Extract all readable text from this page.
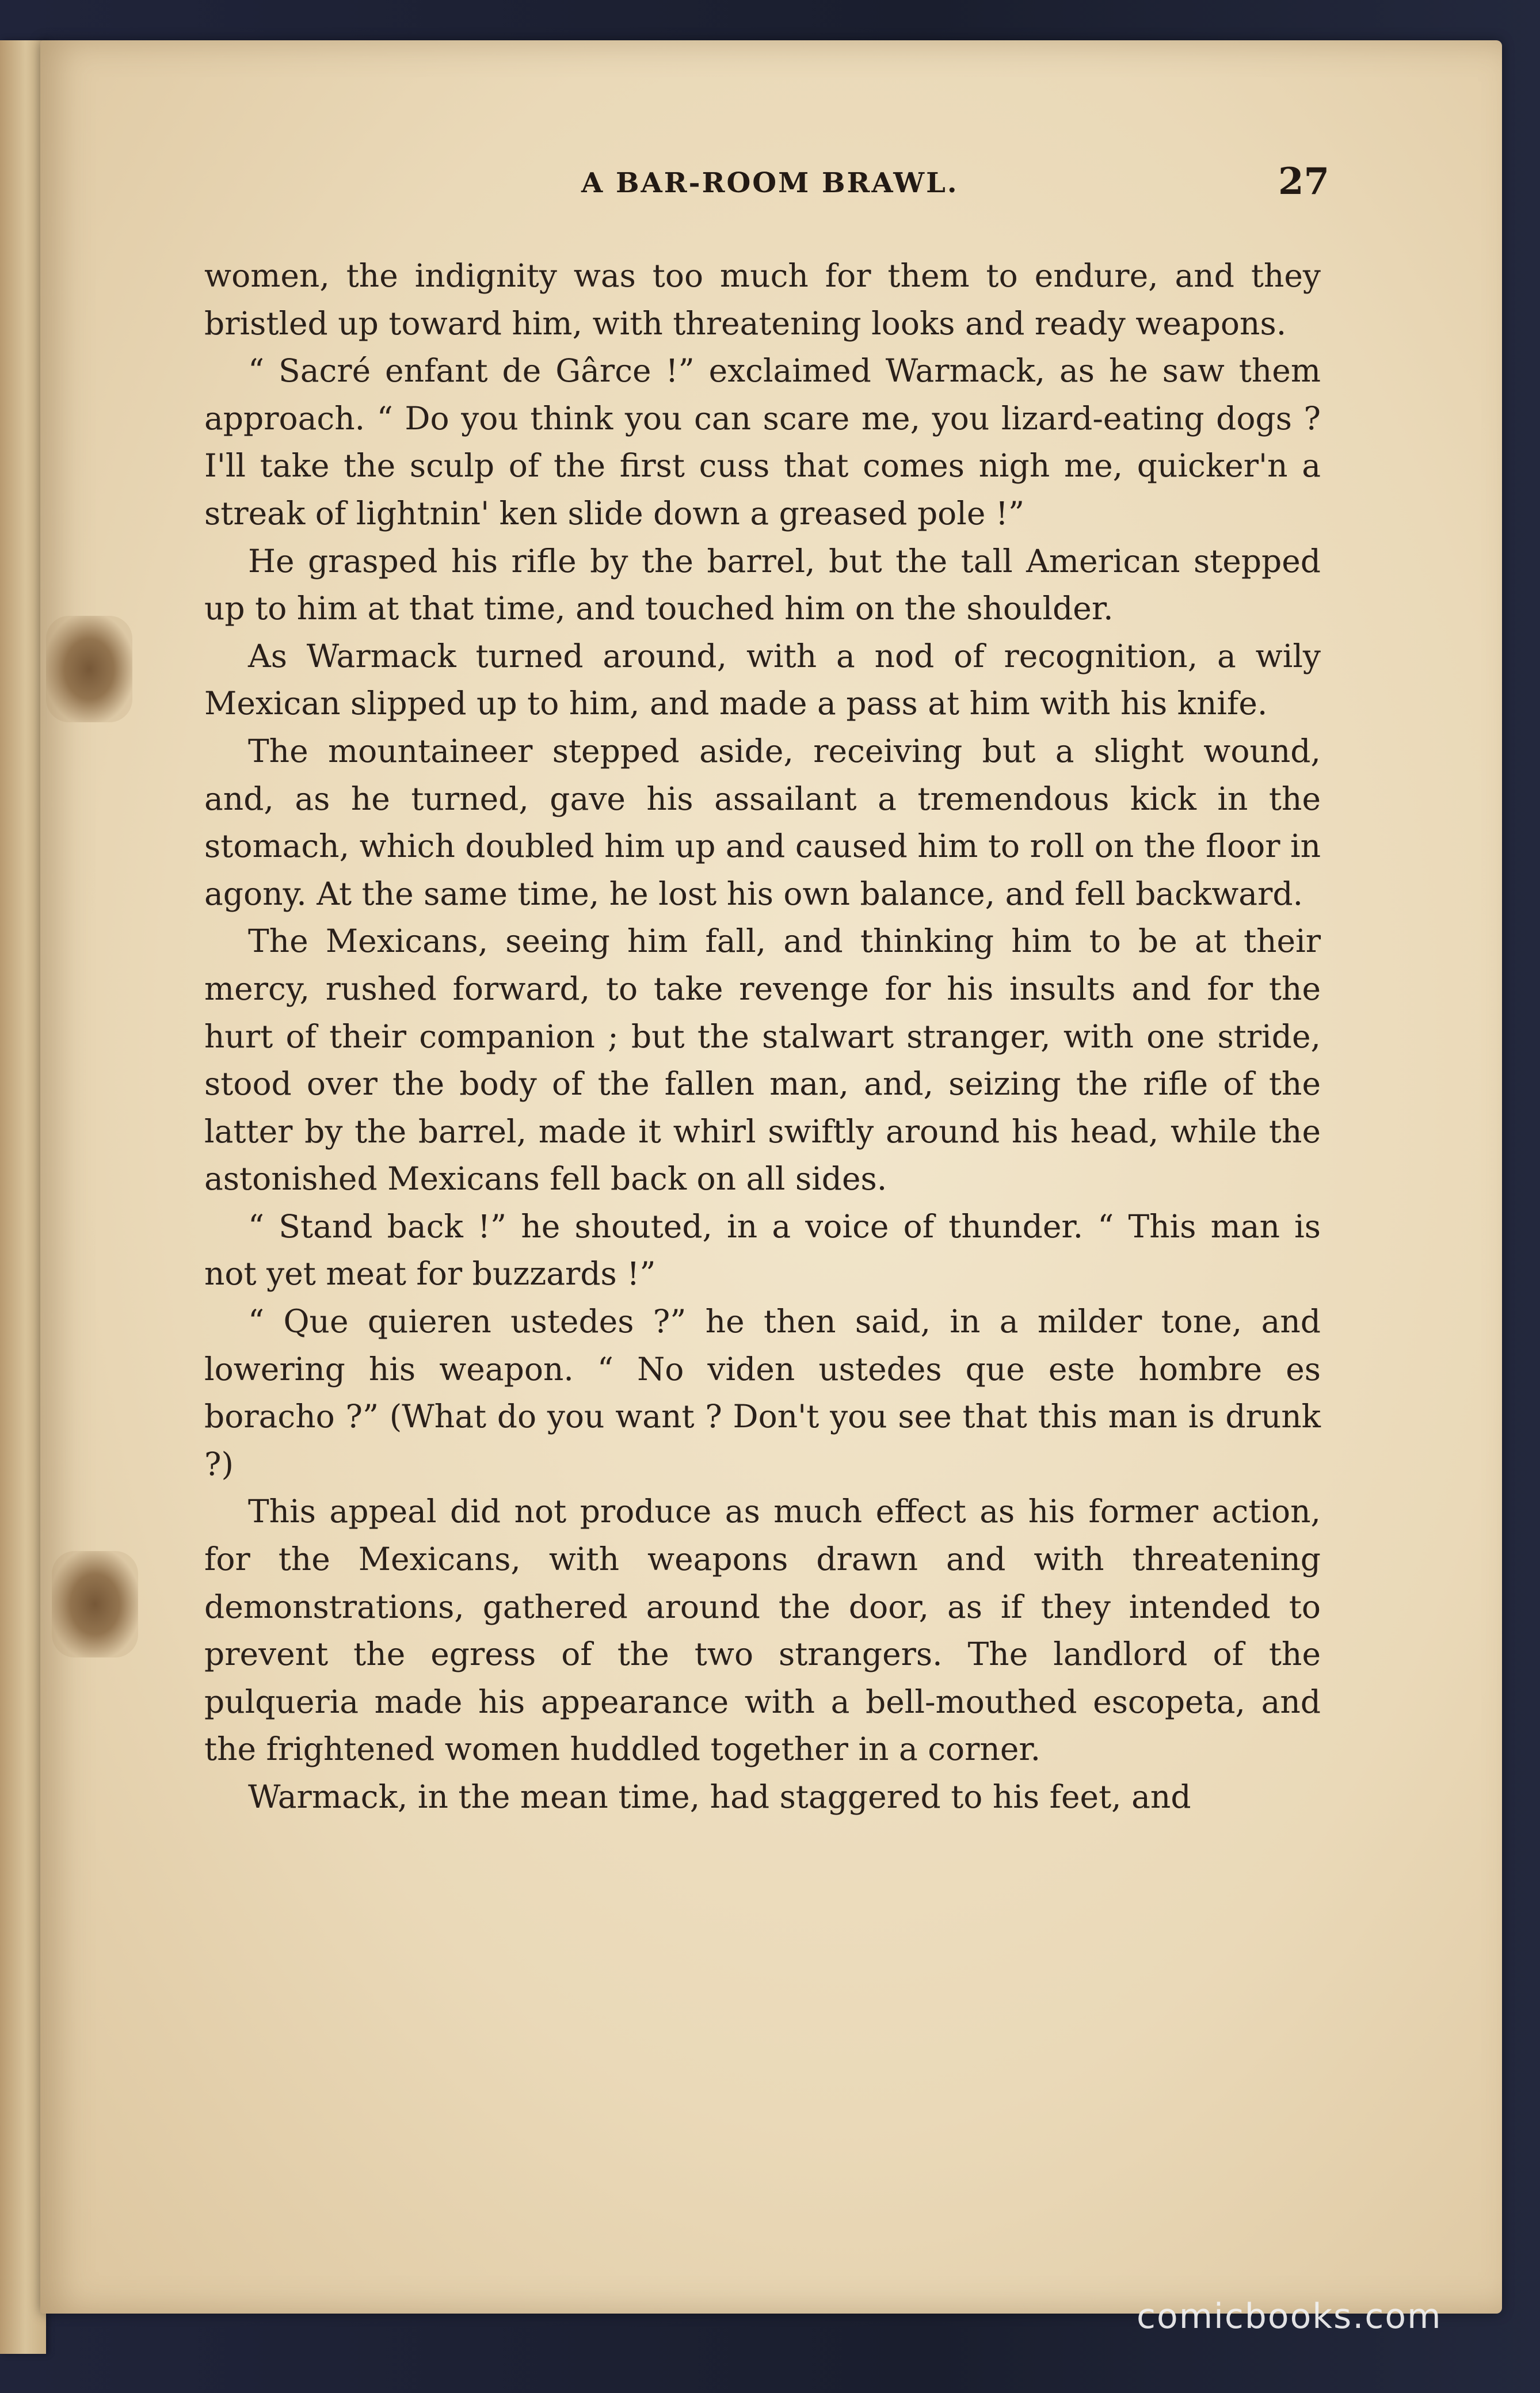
A BAR-ROOM BRAWL.	27

women, the indignity was too much for them to endure, and they bristled up toward him, with threatening looks and ready weapons.

“ Sacré enfant de Gârce !” exclaimed Warmack, as he saw them approach. “ Do you think you can scare me, you lizard-eating dogs ? I'll take the sculp of the first cuss that comes nigh me, quicker'n a streak of lightnin' ken slide down a greased pole !”

He grasped his rifle by the barrel, but the tall American stepped up to him at that time, and touched him on the shoulder.

As Warmack turned around, with a nod of recognition, a wily Mexican slipped up to him, and made a pass at him with his knife.

The mountaineer stepped aside, receiving but a slight wound, and, as he turned, gave his assailant a tremendous kick in the stomach, which doubled him up and caused him to roll on the floor in agony. At the same time, he lost his own balance, and fell backward.

The Mexicans, seeing him fall, and thinking him to be at their mercy, rushed forward, to take revenge for his insults and for the hurt of their companion ; but the stalwart stranger, with one stride, stood over the body of the fallen man, and, seizing the rifle of the latter by the barrel, made it whirl swiftly around his head, while the astonished Mexicans fell back on all sides.

“ Stand back !” he shouted, in a voice of thunder. “ This man is not yet meat for buzzards !”

“ Que quieren ustedes ?” he then said, in a milder tone, and lowering his weapon. “ No viden ustedes que este hombre es boracho ?” (What do you want ? Don't you see that this man is drunk ?)

This appeal did not produce as much effect as his former action, for the Mexicans, with weapons drawn and with threatening demonstrations, gathered around the door, as if they intended to prevent the egress of the two strangers. The landlord of the pulqueria made his appearance with a bell-mouthed escopeta, and the frightened women huddled together in a corner.

Warmack, in the mean time, had staggered to his feet, and

comicbooks.com
